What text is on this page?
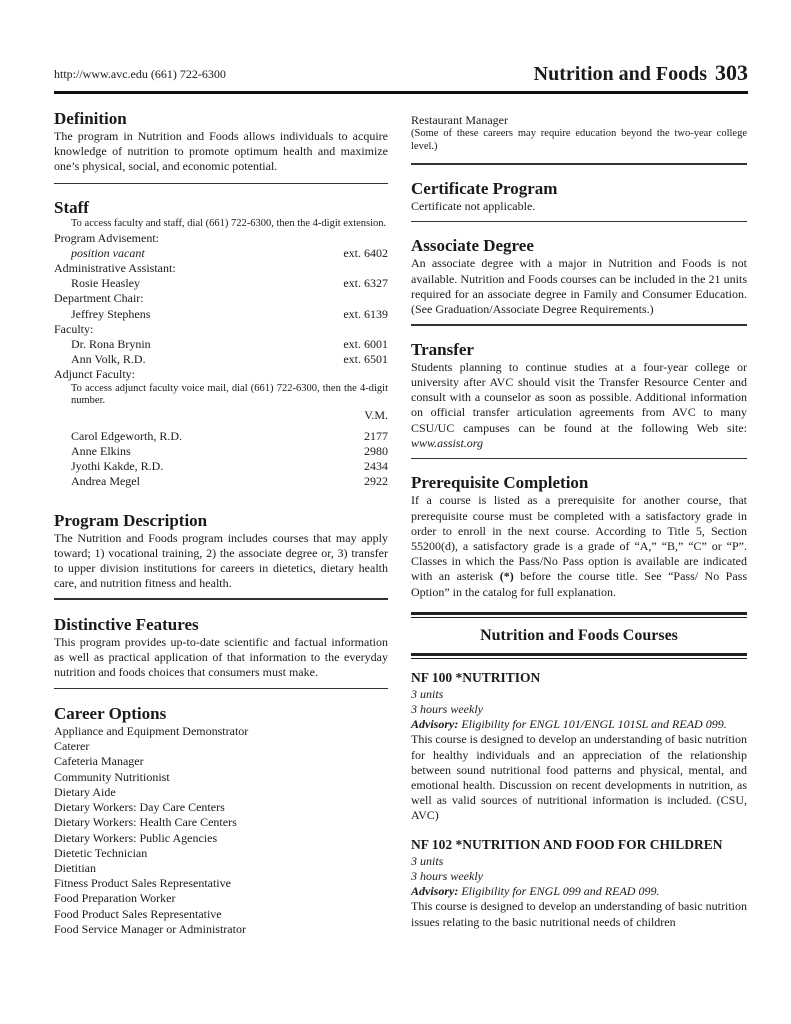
http://www.avc.edu (661) 722-6300	Nutrition and Foods 303
Definition

The program in Nutrition and Foods allows individuals to acquire knowledge of nutrition to promote optimum health and maximize one’s physical, social, and economic potential.

Staff
To access faculty and staff, dial (661) 722-6300, then the 4-digit extension.
Program Advisement:
position vacant	ext. 6402
Administrative Assistant:
Rosie Heasley	ext. 6327
Department Chair:
Jeffrey Stephens	ext. 6139
Faculty:
Dr. Rona Brynin	ext. 6001
Ann Volk, R.D.	ext. 6501
Adjunct Faculty:
To access adjunct faculty voice mail, dial (661) 722-6300, then the 4-digit number.
V.M.
Carol Edgeworth, R.D.	2177
Anne Elkins	2980
Jyothi Kakde, R.D.	2434
Andrea Megel	2922
Program Description

The Nutrition and Foods program includes courses that may apply toward; 1) vocational training, 2) the associate degree or, 3) transfer to upper division institutions for careers in dietetics, dietary health care, and nutrition fitness and health.

Distinctive Features

This program provides up-to-date scientific and factual information as well as practical application of that information to the everyday nutrition and foods choices that consumers must make.

Career Options
Appliance and Equipment Demonstrator
Caterer
Cafeteria Manager
Community Nutritionist
Dietary Aide
Dietary Workers: Day Care Centers
Dietary Workers: Health Care Centers
Dietary Workers: Public Agencies
Dietetic Technician
Dietitian
Fitness Product Sales Representative
Food Preparation Worker
Food Product Sales Representative
Food Service Manager or Administrator
Restaurant Manager
(Some of these careers may require education beyond the two-year college level.)
Certificate Program

Certificate not applicable.

Associate Degree

An associate degree with a major in Nutrition and Foods is not available. Nutrition and Foods courses can be included in the 21 units required for an associate degree in Family and Consumer Education. (See Graduation/Associate Degree Requirements.)

Transfer

Students planning to continue studies at a four-year college or university after AVC should visit the Transfer Resource Center and consult with a counselor as soon as possible. Additional information on official transfer articulation agreements from AVC to many CSU/UC campuses can be found at the following Web site: www.assist.org

Prerequisite Completion

If a course is listed as a prerequisite for another course, that prerequisite course must be completed with a satisfactory grade in order to enroll in the next course. According to Title 5, Section 55200(d), a satisfactory grade is a grade of “A,” “B,” “C” or “P”. Classes in which the Pass/No Pass option is available are indicated with an asterisk (*) before the course title. See “Pass/ No Pass Option” in the catalog for full explanation.

Nutrition and Foods Courses
NF 100 *NUTRITION
3 units
3 hours weekly

Advisory: Eligibility for ENGL 101/ENGL 101SL and READ 099.

This course is designed to develop an understanding of basic nutrition for healthy individuals and an appreciation of the relationship between sound nutritional food patterns and physical, mental, and emotional health. Discussion on recent developments in nutrition, as well as valid sources of nutritional information is included. (CSU, AVC)

NF 102 *NUTRITION AND FOOD FOR CHILDREN
3 units
3 hours weekly

Advisory: Eligibility for ENGL 099 and READ 099.

This course is designed to develop an understanding of basic nutrition issues relating to the basic nutritional needs of children
